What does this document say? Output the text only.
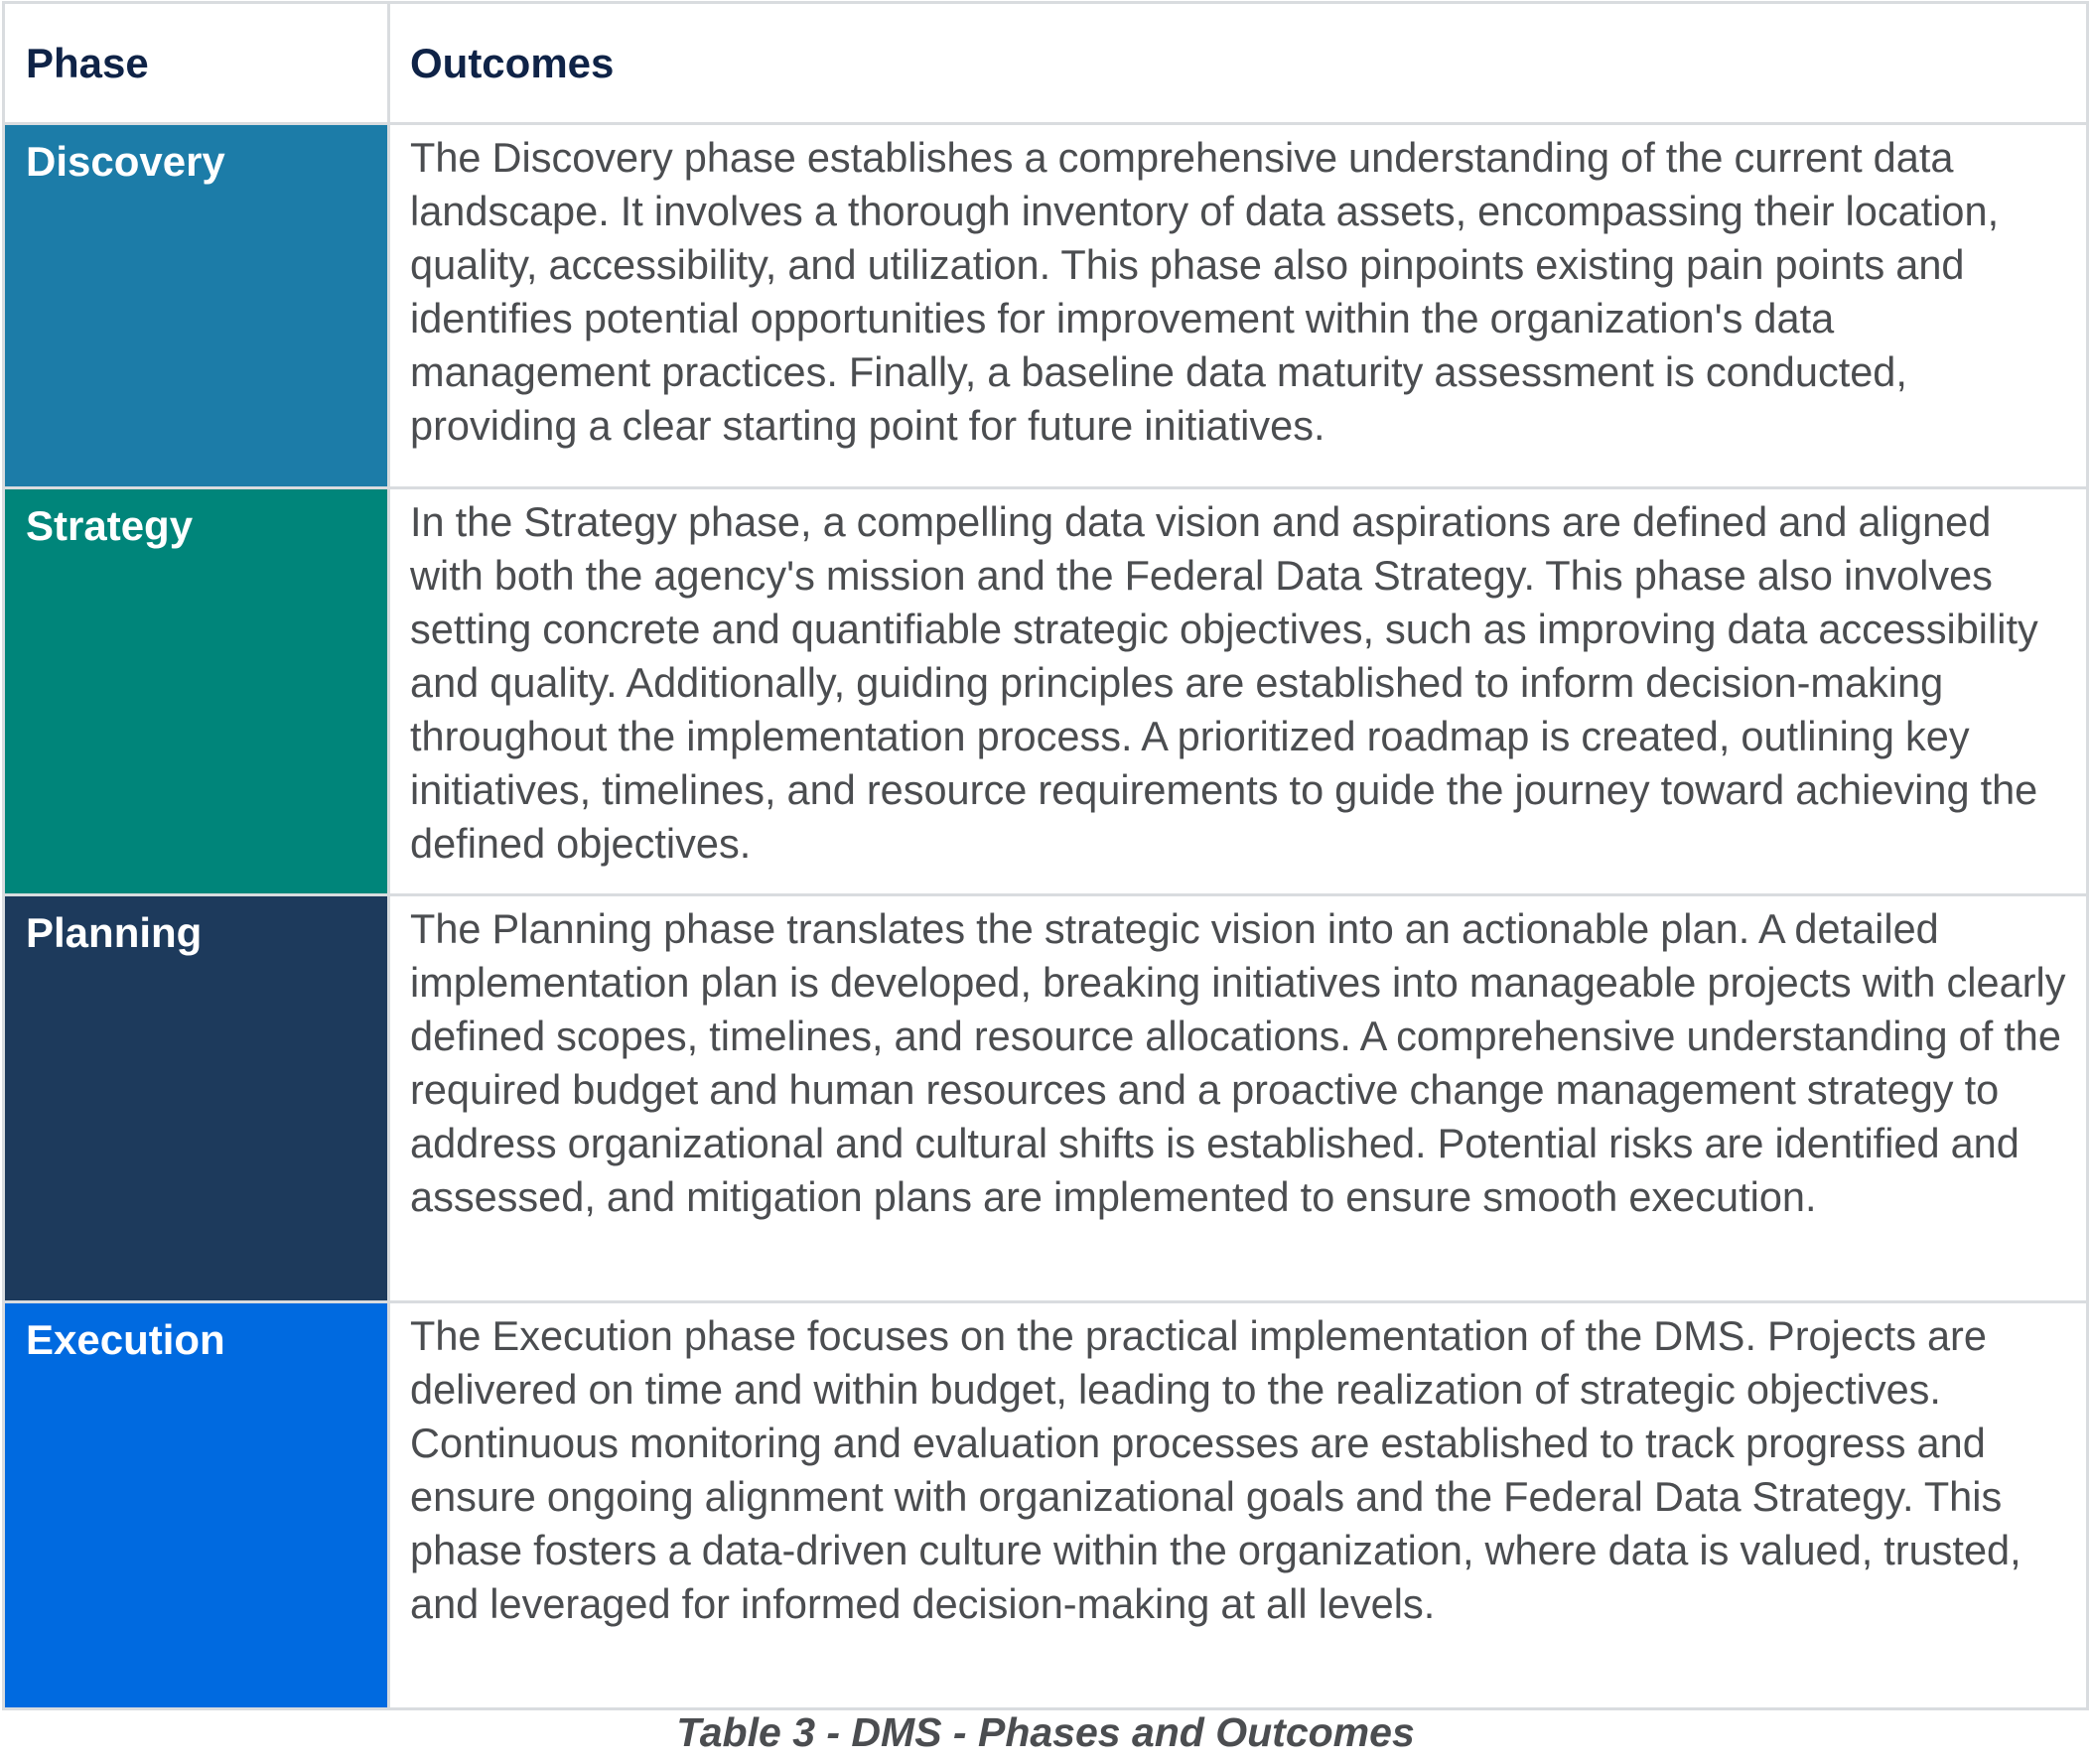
Phase	Outcomes
Discovery	The Discovery phase establishes a comprehensive understanding of the current data landscape. It involves a thorough inventory of data assets, encompassing their location, quality, accessibility, and utilization. This phase also pinpoints existing pain points and identifies potential opportunities for improvement within the organization's data management practices. Finally, a baseline data maturity assessment is conducted, providing a clear starting point for future initiatives.
Strategy	In the Strategy phase, a compelling data vision and aspirations are defined and aligned with both the agency's mission and the Federal Data Strategy. This phase also involves setting concrete and quantifiable strategic objectives, such as improving data accessibility and quality. Additionally, guiding principles are established to inform decision-making throughout the implementation process. A prioritized roadmap is created, outlining key initiatives, timelines, and resource requirements to guide the journey toward achieving the defined objectives.
Planning	The Planning phase translates the strategic vision into an actionable plan. A detailed implementation plan is developed, breaking initiatives into manageable projects with clearly defined scopes, timelines, and resource allocations. A comprehensive understanding of the required budget and human resources and a proactive change management strategy to address organizational and cultural shifts is established. Potential risks are identified and assessed, and mitigation plans are implemented to ensure smooth execution.
Execution	The Execution phase focuses on the practical implementation of the DMS. Projects are delivered on time and within budget, leading to the realization of strategic objectives. Continuous monitoring and evaluation processes are established to track progress and ensure ongoing alignment with organizational goals and the Federal Data Strategy. This phase fosters a data-driven culture within the organization, where data is valued, trusted, and leveraged for informed decision-making at all levels.
Table 3 - DMS - Phases and Outcomes
